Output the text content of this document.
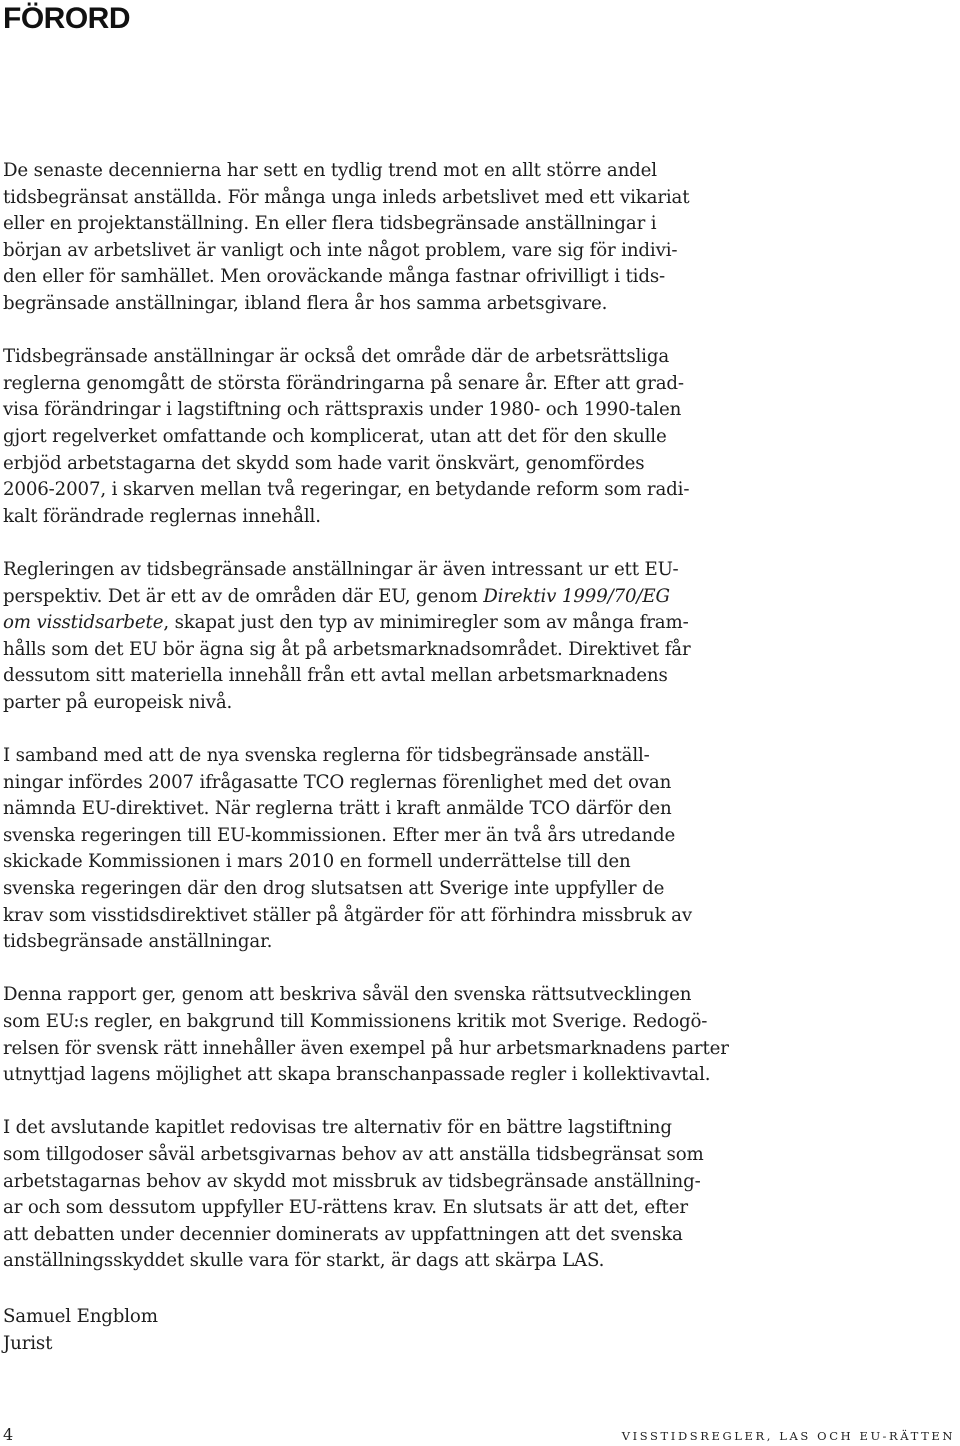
FÖRORD

De senaste decennierna har sett en tydlig trend mot en allt större andel
tidsbegränsat anställda. För många unga inleds arbetslivet med ett vikariat
eller en projektanställning. En eller flera tidsbegränsade anställningar i
början av arbetslivet är vanligt och inte något problem, vare sig för indivi-
den eller för samhället. Men oroväckande många fastnar ofrivilligt i tids-
begränsade anställningar, ibland flera år hos samma arbetsgivare.

Tidsbegränsade anställningar är också det område där de arbetsrättsliga
reglerna genomgått de största förändringarna på senare år. Efter att grad-
visa förändringar i lagstiftning och rättspraxis under 1980- och 1990-talen
gjort regelverket omfattande och komplicerat, utan att det för den skulle
erbjöd arbetstagarna det skydd som hade varit önskvärt, genomfördes
2006-2007, i skarven mellan två regeringar, en betydande reform som radi-
kalt förändrade reglernas innehåll.

Regleringen av tidsbegränsade anställningar är även intressant ur ett EU-
perspektiv. Det är ett av de områden där EU, genom Direktiv 1999/70/EG
om visstidsarbete, skapat just den typ av minimiregler som av många fram-
hålls som det EU bör ägna sig åt på arbetsmarknadsområdet. Direktivet får
dessutom sitt materiella innehåll från ett avtal mellan arbetsmarknadens
parter på europeisk nivå.

I samband med att de nya svenska reglerna för tidsbegränsade anställ-
ningar infördes 2007 ifrågasatte TCO reglernas förenlighet med det ovan
nämnda EU-direktivet. När reglerna trätt i kraft anmälde TCO därför den
svenska regeringen till EU-kommissionen. Efter mer än två års utredande
skickade Kommissionen i mars 2010 en formell underrättelse till den
svenska regeringen där den drog slutsatsen att Sverige inte uppfyller de
krav som visstidsdirektivet ställer på åtgärder för att förhindra missbruk av
tidsbegränsade anställningar.

Denna rapport ger, genom att beskriva såväl den svenska rättsutvecklingen
som EU:s regler, en bakgrund till Kommissionens kritik mot Sverige. Redogö-
relsen för svensk rätt innehåller även exempel på hur arbetsmarknadens parter
utnyttjad lagens möjlighet att skapa branschanpassade regler i kollektivavtal.

I det avslutande kapitlet redovisas tre alternativ för en bättre lagstiftning
som tillgodoser såväl arbetsgivarnas behov av att anställa tidsbegränsat som
arbetstagarnas behov av skydd mot missbruk av tidsbegränsade anställning-
ar och som dessutom uppfyller EU-rättens krav. En slutsats är att det, efter
att debatten under decennier dominerats av uppfattningen att det svenska
anställningsskyddet skulle vara för starkt, är dags att skärpa LAS.

Samuel Engblom
Jurist
4	VISSTIDSREGLER, LAS OCH EU-RÄTTEN
